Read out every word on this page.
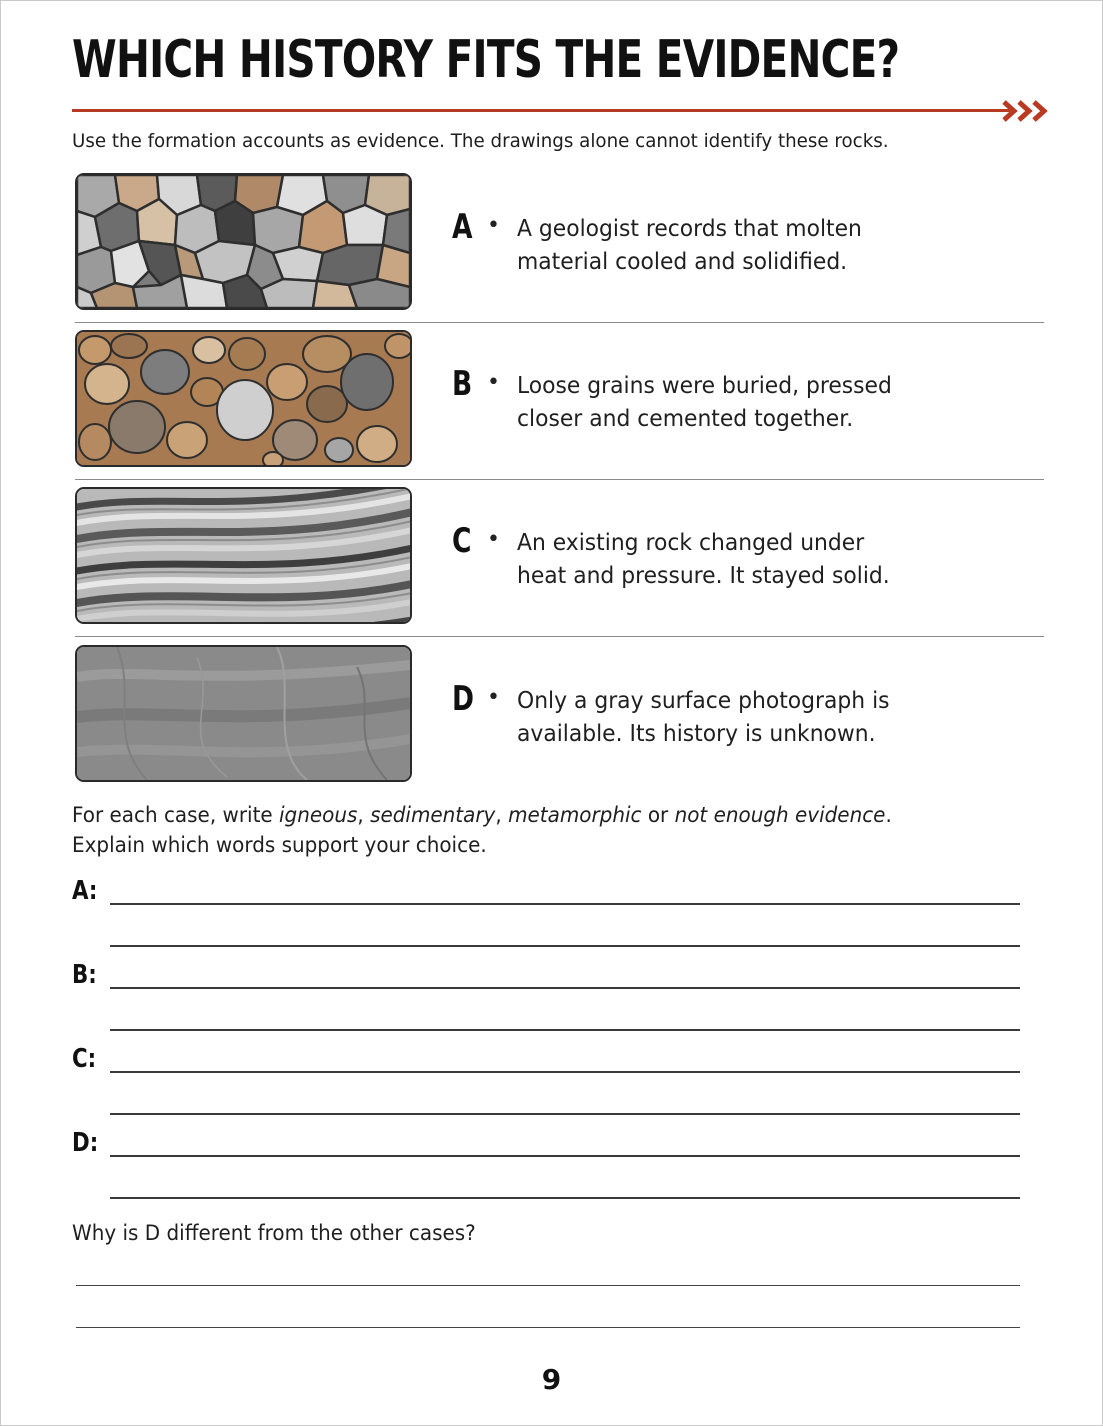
WHICH HISTORY FITS THE EVIDENCE?
Use the formation accounts as evidence. The drawings alone cannot identify these rocks.
A • A geologist records that molten material cooled and solidified.
B • Loose grains were buried, pressed closer and cemented together.
C • An existing rock changed under heat and pressure. It stayed solid.
D • Only a gray surface photograph is available. Its history is unknown.
For each case, write igneous, sedimentary, metamorphic or not enough evidence.
Explain which words support your choice.
A:
B:
C:
D:
Why is D different from the other cases?
9
